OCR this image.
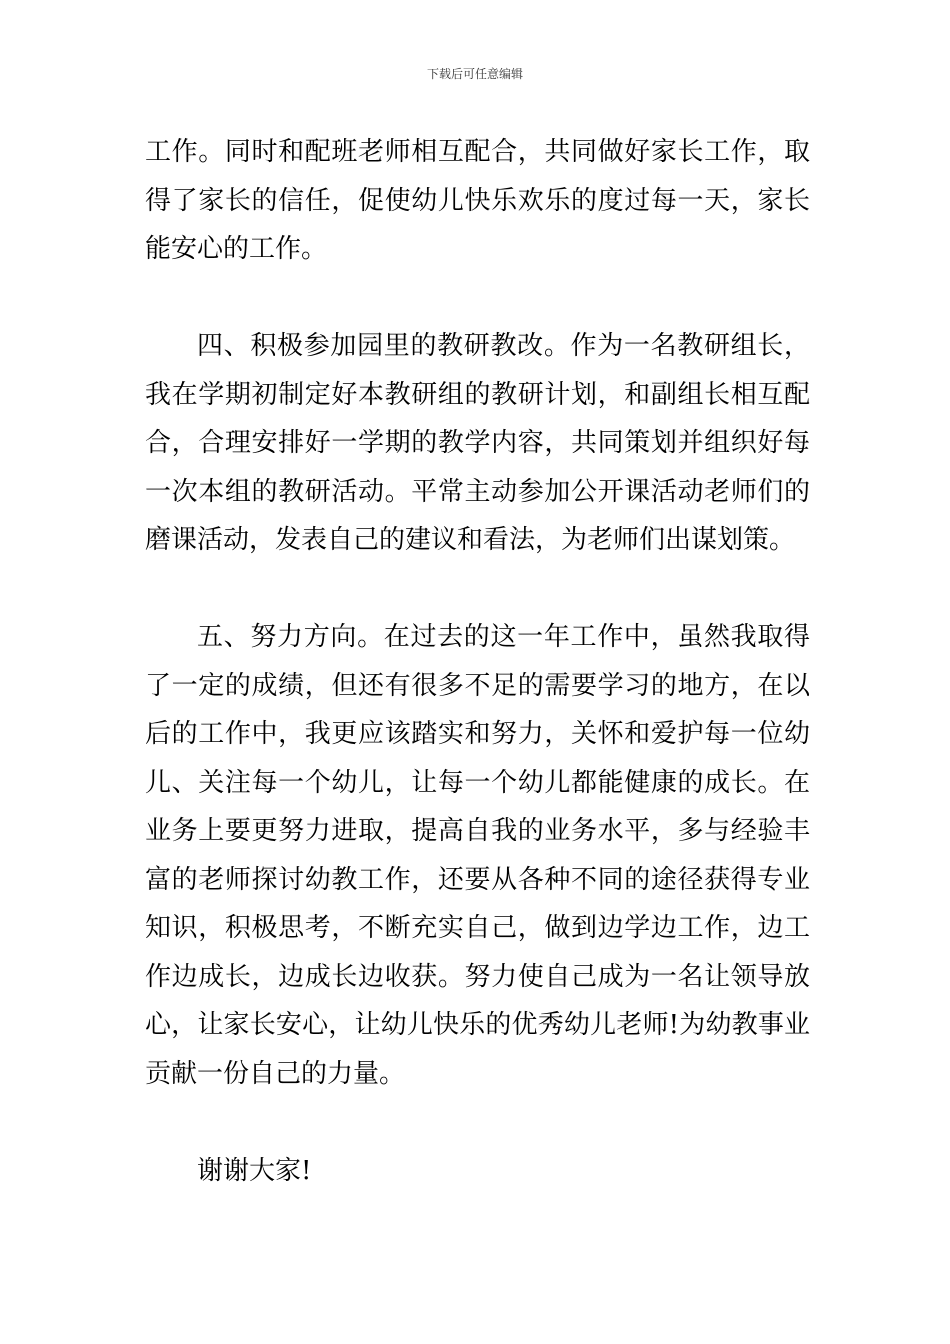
下载后可任意编辑

工作。同时和配班老师相互配合，共同做好家长工作，取得了家长的信任，促使幼儿快乐欢乐的度过每一天，家长能安心的工作。

四、积极参加园里的教研教改。作为一名教研组长，我在学期初制定好本教研组的教研计划，和副组长相互配合，合理安排好一学期的教学内容，共同策划并组织好每一次本组的教研活动。平常主动参加公开课活动老师们的磨课活动，发表自己的建议和看法，为老师们出谋划策。

五、努力方向。在过去的这一年工作中，虽然我取得了一定的成绩，但还有很多不足的需要学习的地方，在以后的工作中，我更应该踏实和努力，关怀和爱护每一位幼儿、关注每一个幼儿，让每一个幼儿都能健康的成长。在业务上要更努力进取，提高自我的业务水平，多与经验丰富的老师探讨幼教工作，还要从各种不同的途径获得专业知识，积极思考，不断充实自己，做到边学边工作，边工作边成长，边成长边收获。努力使自己成为一名让领导放心，让家长安心，让幼儿快乐的优秀幼儿老师!为幼教事业贡献一份自己的力量。

谢谢大家!
